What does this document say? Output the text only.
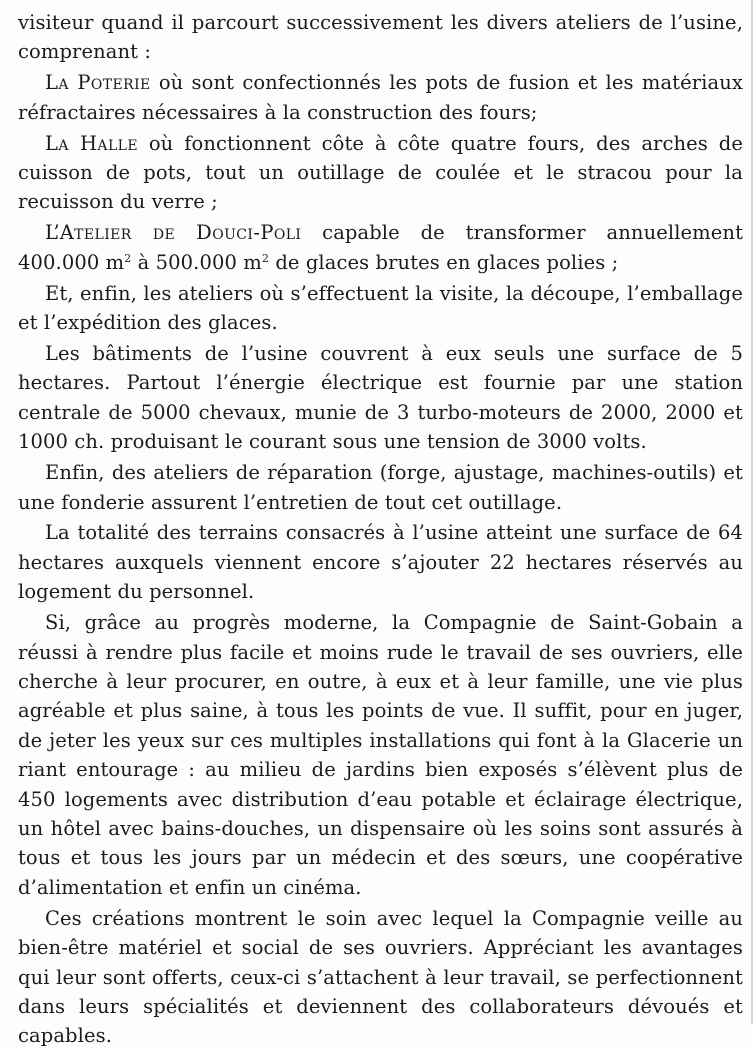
visiteur quand il parcourt successivement les divers ateliers de l’usine, comprenant :

La Poterie où sont confectionnés les pots de fusion et les matériaux réfractaires nécessaires à la construction des fours;

La Halle où fonctionnent côte à côte quatre fours, des arches de cuisson de pots, tout un outillage de coulée et le stracou pour la recuisson du verre ;

L’Atelier de Douci-Poli capable de transformer annuellement 400.000 $m^2$ à 500.000 $m^2$ de glaces brutes en glaces polies ;

Et, enfin, les ateliers où s’effectuent la visite, la découpe, l’emballage et l’expédition des glaces.

Les bâtiments de l’usine couvrent à eux seuls une surface de 5 hectares. Partout l’énergie électrique est fournie par une station centrale de 5000 chevaux, munie de 3 turbo-moteurs de 2000, 2000 et 1000 ch. produisant le courant sous une tension de 3000 volts.

Enfin, des ateliers de réparation (forge, ajustage, machines-outils) et une fonderie assurent l’entretien de tout cet outillage.

La totalité des terrains consacrés à l’usine atteint une surface de 64 hectares auxquels viennent encore s’ajouter 22 hectares réservés au logement du personnel.

Si, grâce au progrès moderne, la Compagnie de Saint-Gobain a réussi à rendre plus facile et moins rude le travail de ses ouvriers, elle cherche à leur procurer, en outre, à eux et à leur famille, une vie plus agréable et plus saine, à tous les points de vue. Il suffit, pour en juger, de jeter les yeux sur ces multiples installations qui font à la Glacerie un riant entourage : au milieu de jardins bien exposés s’élèvent plus de 450 logements avec distribution d’eau potable et éclairage électrique, un hôtel avec bains-douches, un dispensaire où les soins sont assurés à tous et tous les jours par un médecin et des sœurs, une coopérative d’alimentation et enfin un cinéma.

Ces créations montrent le soin avec lequel la Compagnie veille au bien-être matériel et social de ses ouvriers. Appréciant les avantages qui leur sont offerts, ceux-ci s’attachent à leur travail, se perfectionnent dans leurs spécialités et deviennent des collaborateurs dévoués et capables.
